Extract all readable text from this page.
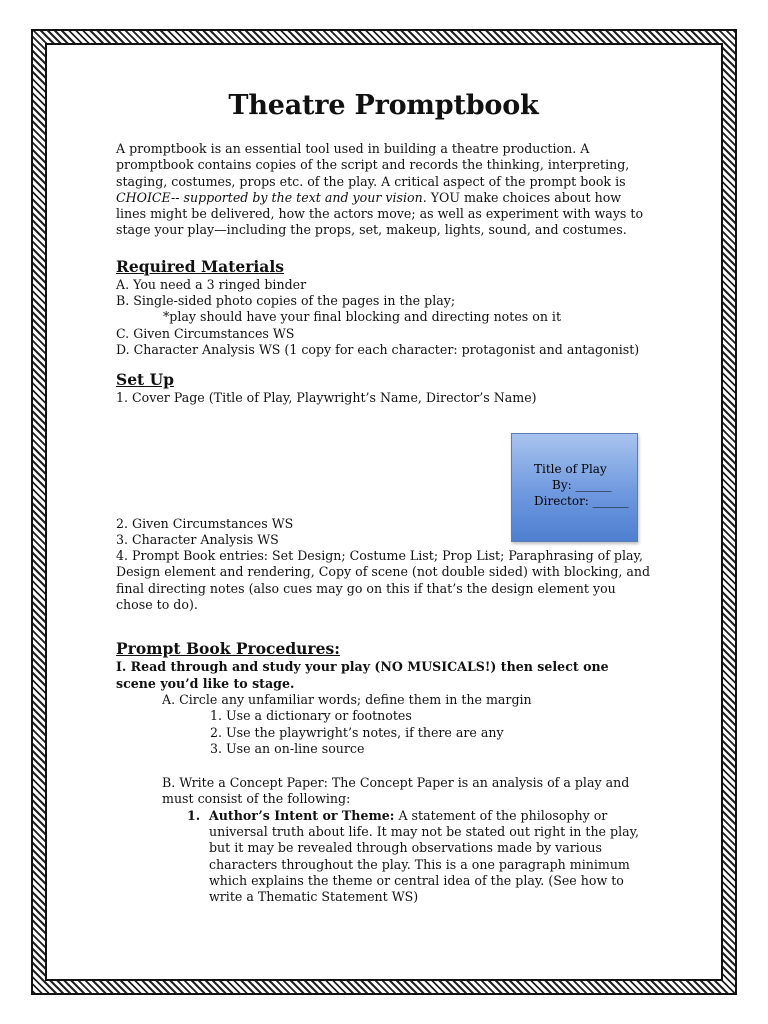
Theatre Promptbook

A promptbook is an essential tool used in building a theatre production. A promptbook contains copies of the script and records the thinking, interpreting, staging, costumes, props etc. of the play. A critical aspect of the prompt book is CHOICE-- supported by the text and your vision. YOU make choices about how lines might be delivered, how the actors move; as well as experiment with ways to stage your play—including the props, set, makeup, lights, sound, and costumes.

Required Materials
A. You need a 3 ringed binder
B. Single-sided photo copies of the pages in the play;
*play should have your final blocking and directing notes on it
C. Given Circumstances WS
D. Character Analysis WS (1 copy for each character: protagonist and antagonist)
Set Up
1. Cover Page (Title of Play, Playwright’s Name, Director’s Name)
2. Given Circumstances WS
3. Character Analysis WS

4. Prompt Book entries: Set Design; Costume List; Prop List; Paraphrasing of play, Design element and rendering, Copy of scene (not double sided) with blocking, and final directing notes (also cues may go on this if that’s the design element you chose to do).

Prompt Book Procedures:

I. Read through and study your play (NO MUSICALS!) then select one scene you’d like to stage.

A. Circle any unfamiliar words; define them in the margin
1. Use a dictionary or footnotes
2. Use the playwright’s notes, if there are any
3. Use an on-line source

B. Write a Concept Paper: The Concept Paper is an analysis of a play and must consist of the following:

1. Author’s Intent or Theme: A statement of the philosophy or universal truth about life. It may not be stated out right in the play, but it may be revealed through observations made by various characters throughout the play. This is a one paragraph minimum which explains the theme or central idea of the play. (See how to write a Thematic Statement WS)
Title of Play
By: ______
Director: ______
